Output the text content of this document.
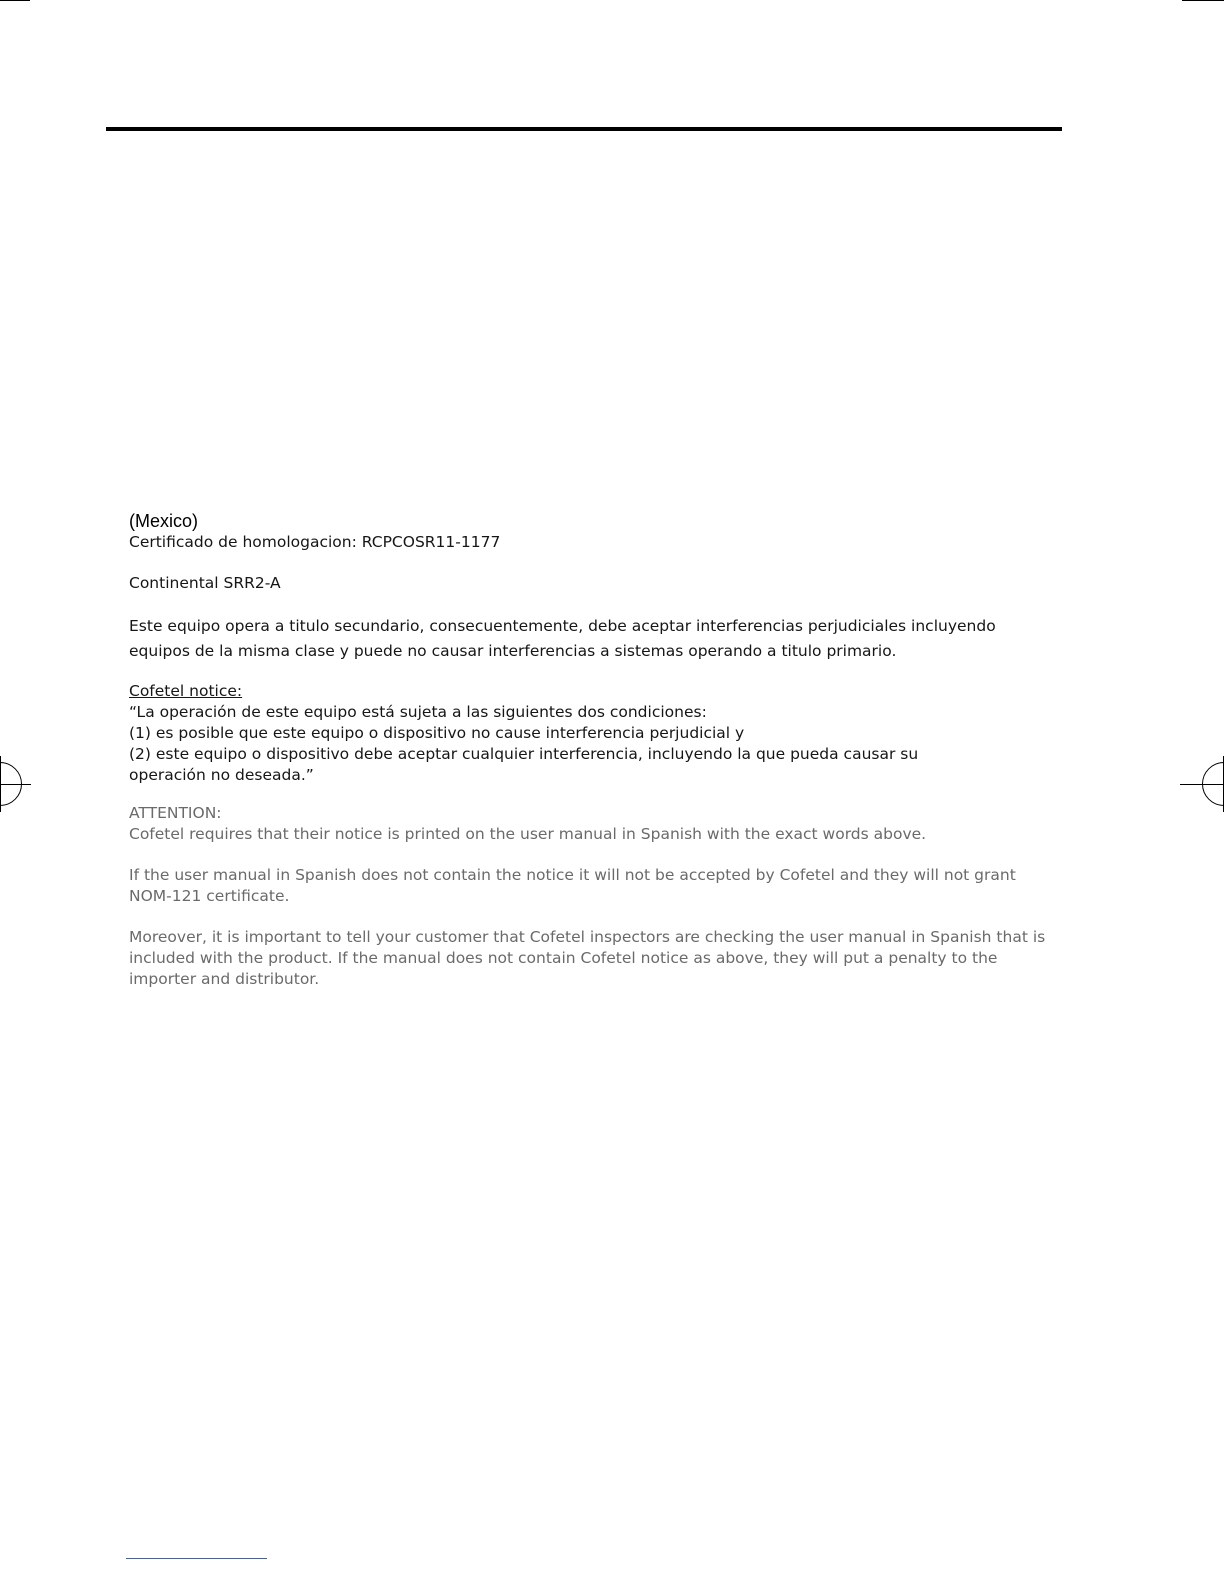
(Mexico)

Certificado de homologacion: RCPCOSR11-1177

Continental SRR2-A

Este equipo opera a titulo secundario, consecuentemente, debe aceptar interferencias perjudiciales incluyendo equipos de la misma clase y puede no causar interferencias a sistemas operando a titulo primario.

Cofetel notice:

“La operación de este equipo está sujeta a las siguientes dos condiciones:

(1) es posible que este equipo o dispositivo no cause interferencia perjudicial y

(2) este equipo o dispositivo debe aceptar cualquier interferencia, incluyendo la que pueda causar su

operación no deseada.”

ATTENTION:

Cofetel requires that their notice is printed on the user manual in Spanish with the exact words above.

If the user manual in Spanish does not contain the notice it will not be accepted by Cofetel and they will not grant NOM-121 certificate.

Moreover, it is important to tell your customer that Cofetel inspectors are checking the user manual in Spanish that is included with the product. If the manual does not contain Cofetel notice as above, they will put a penalty to the importer and distributor.
